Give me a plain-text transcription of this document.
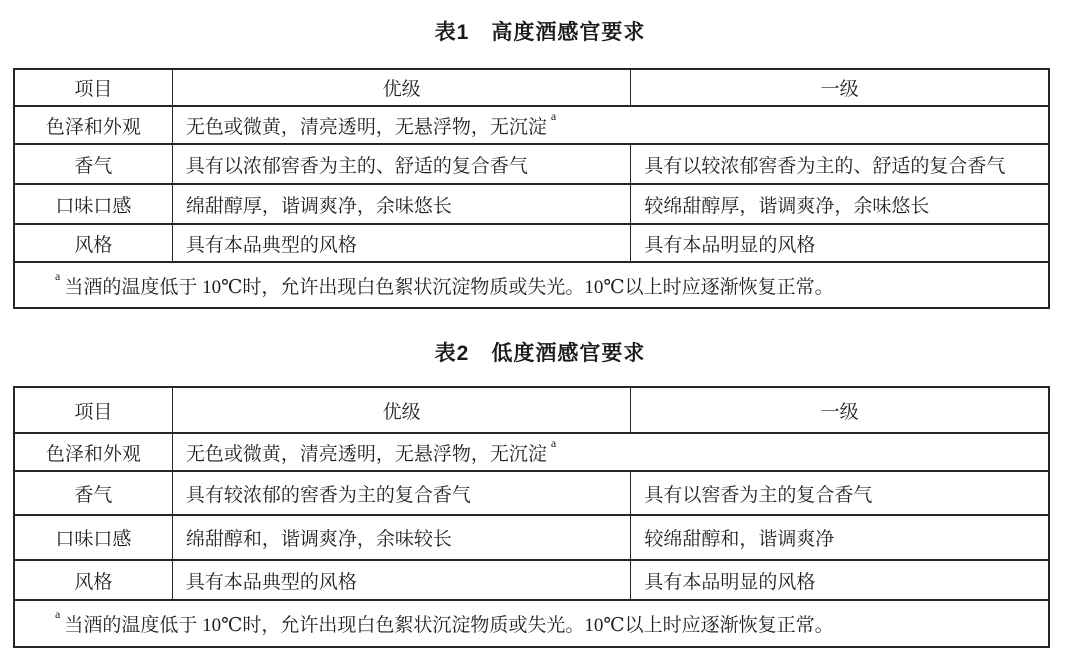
表1　高度酒感官要求
项目	优级	一级
色泽和外观	无色或微黄，清亮透明，无悬浮物，无沉淀$^a$
香气	具有以浓郁窖香为主的、舒适的复合香气	具有以较浓郁窖香为主的、舒适的复合香气
口味口感	绵甜醇厚，谐调爽净，余味悠长	较绵甜醇厚，谐调爽净，余味悠长
风格	具有本品典型的风格	具有本品明显的风格
$^a$当酒的温度低于 10℃时，允许出现白色絮状沉淀物质或失光。10℃以上时应逐渐恢复正常。		
表2　低度酒感官要求
项目	优级	一级
色泽和外观	无色或微黄，清亮透明，无悬浮物，无沉淀$^a$
香气	具有较浓郁的窖香为主的复合香气	具有以窖香为主的复合香气
口味口感	绵甜醇和，谐调爽净，余味较长	较绵甜醇和，谐调爽净
风格	具有本品典型的风格	具有本品明显的风格
$^a$当酒的温度低于 10℃时，允许出现白色絮状沉淀物质或失光。10℃以上时应逐渐恢复正常。		
